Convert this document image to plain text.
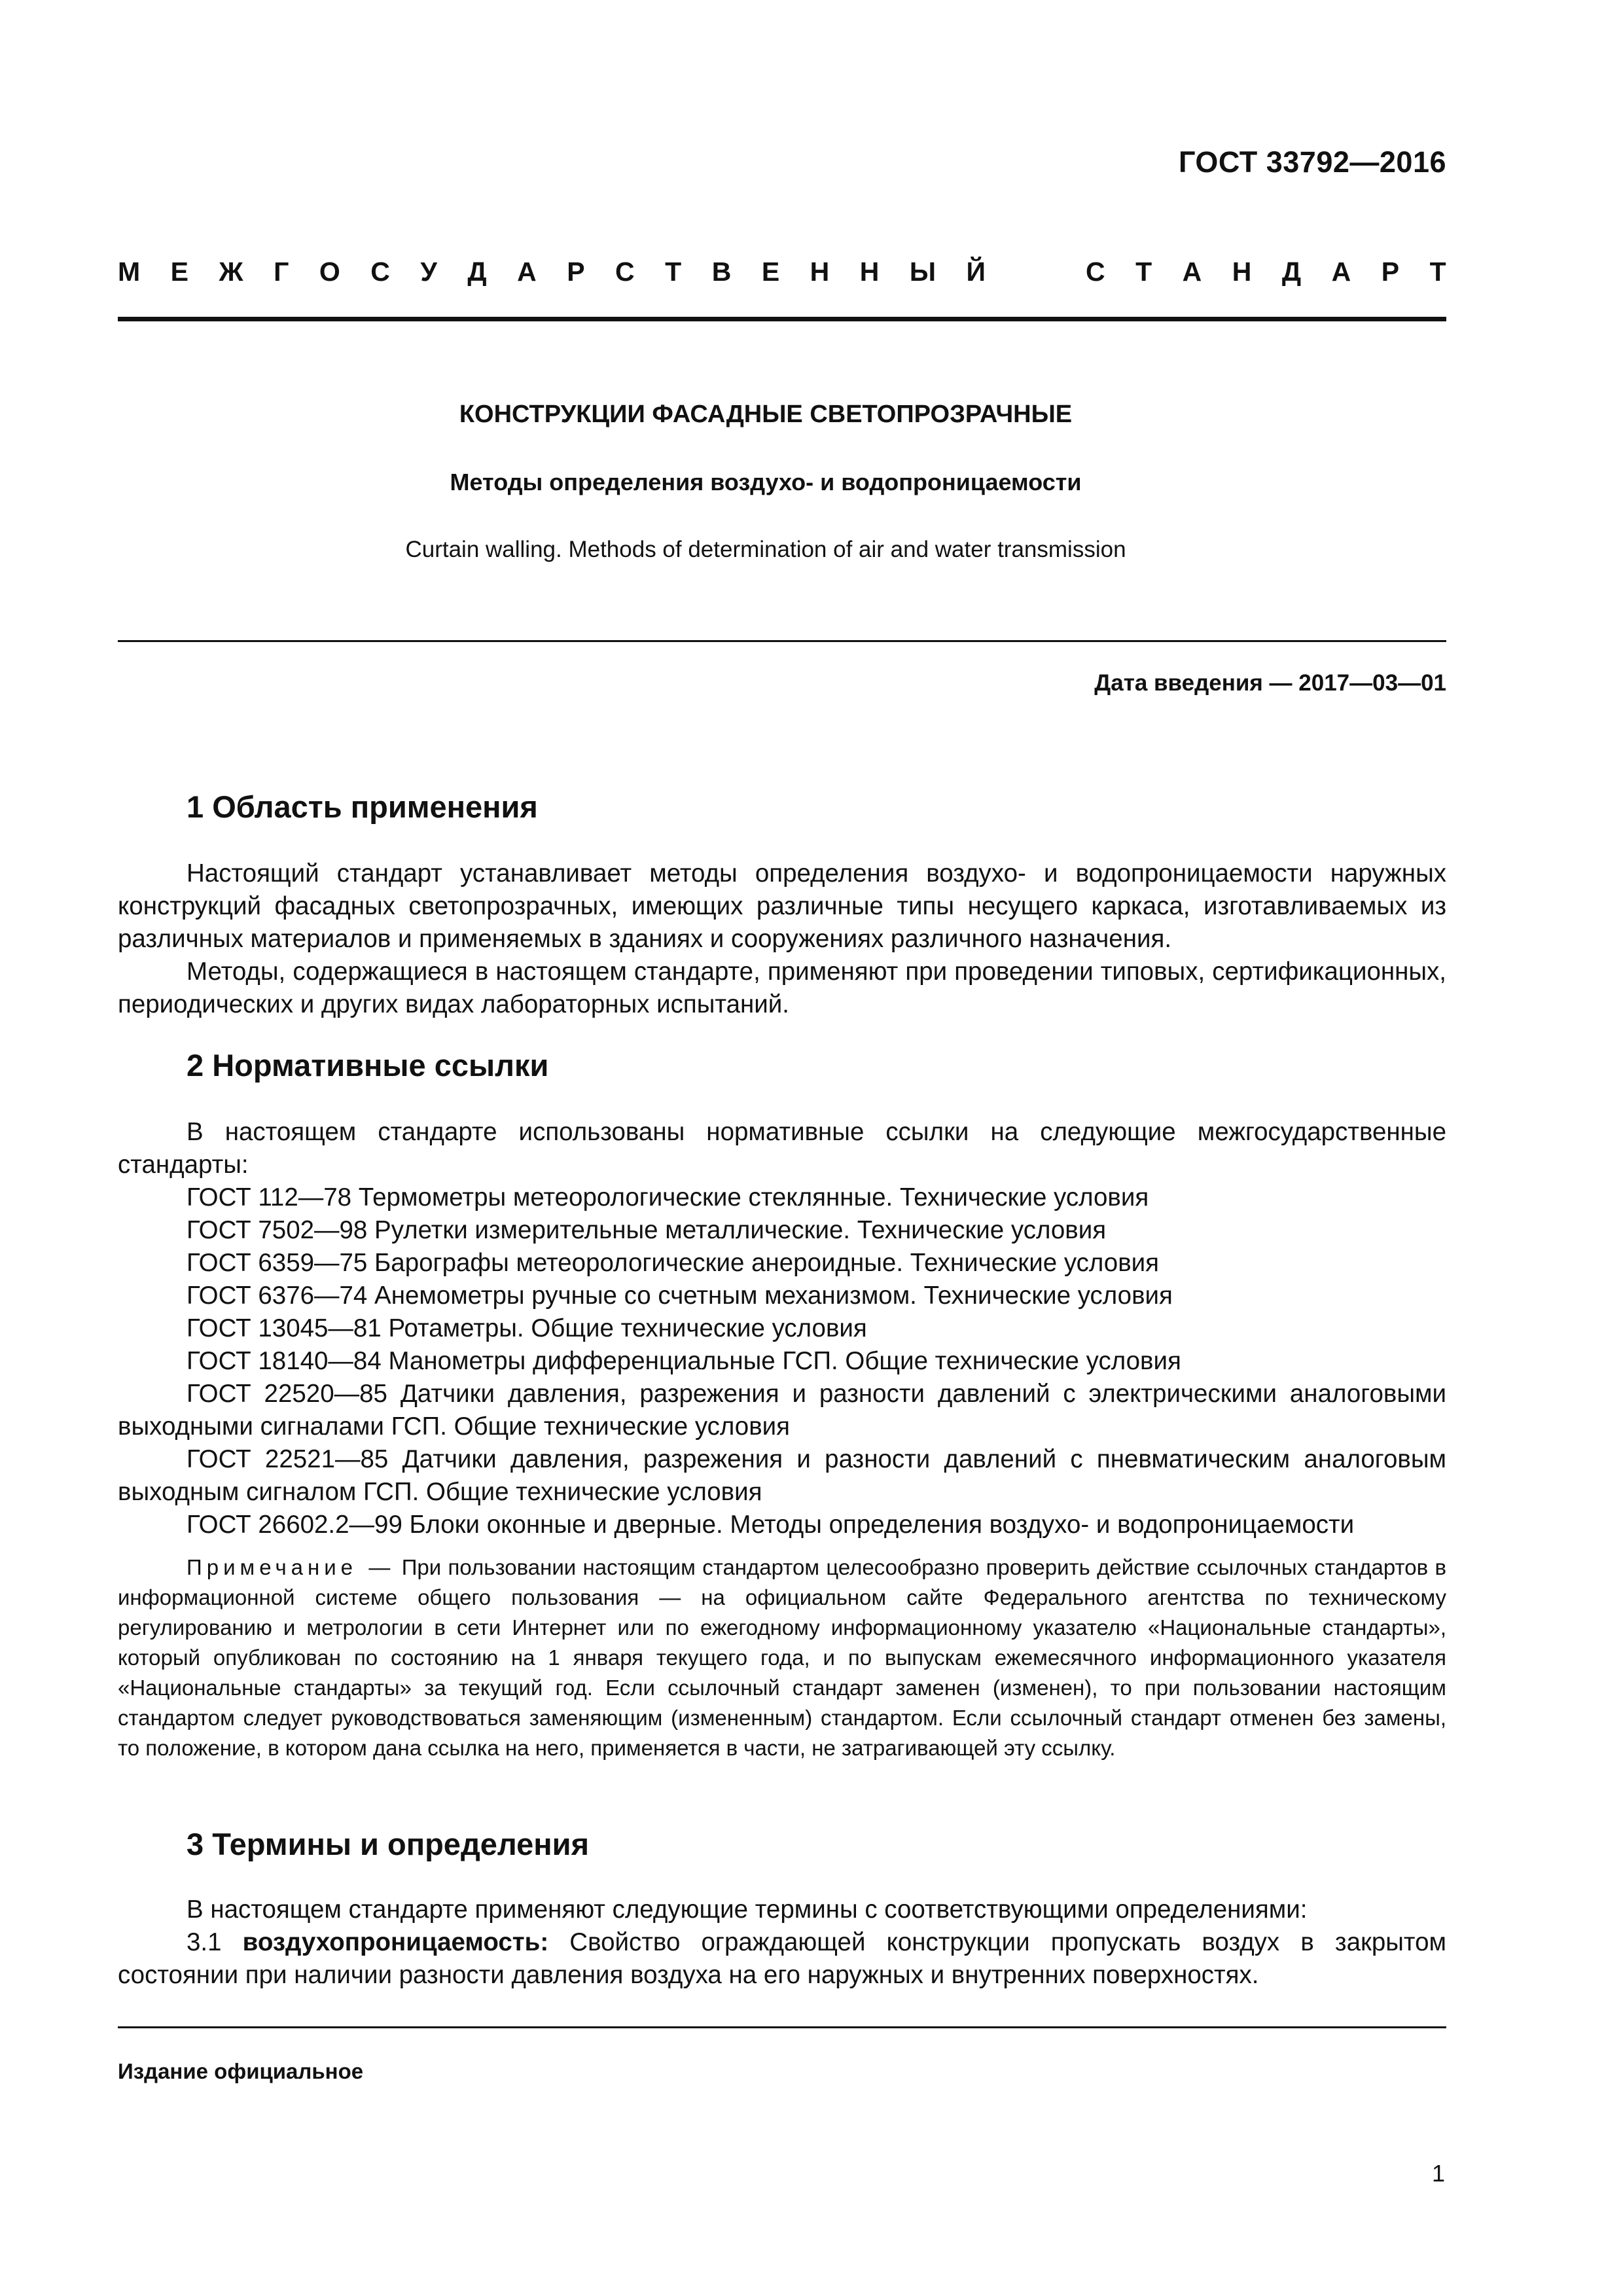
ГОСТ 33792—2016
М Е Ж Г О С У Д А Р С Т В Е Н Н Ы Й	С Т А Н Д А Р Т
КОНСТРУКЦИИ ФАСАДНЫЕ СВЕТОПРОЗРАЧНЫЕ
Методы определения воздухо- и водопроницаемости
Curtain walling. Methods of determination of air and water transmission
Дата введения — 2017—03—01
1 Область применения

Настоящий стандарт устанавливает методы определения воздухо- и водопроницаемости наружных конструкций фасадных светопрозрачных, имеющих различные типы несущего каркаса, изготавливаемых из различных материалов и применяемых в зданиях и сооружениях различного назначения.

Методы, содержащиеся в настоящем стандарте, применяют при проведении типовых, сертификационных, периодических и других видах лабораторных испытаний.

2 Нормативные ссылки

В настоящем стандарте использованы нормативные ссылки на следующие межгосударственные стандарты:

ГОСТ 112—78 Термометры метеорологические стеклянные. Технические условия
ГОСТ 7502—98 Рулетки измерительные металлические. Технические условия
ГОСТ 6359—75 Барографы метеорологические анероидные. Технические условия
ГОСТ 6376—74 Анемометры ручные со счетным механизмом. Технические условия
ГОСТ 13045—81 Ротаметры. Общие технические условия
ГОСТ 18140—84 Манометры дифференциальные ГСП. Общие технические условия

ГОСТ 22520—85 Датчики давления, разрежения и разности давлений с электрическими аналоговыми выходными сигналами ГСП. Общие технические условия

ГОСТ 22521—85 Датчики давления, разрежения и разности давлений с пневматическим аналоговым выходным сигналом ГСП. Общие технические условия

ГОСТ 26602.2—99 Блоки оконные и дверные. Методы определения воздухо- и водопроницаемости

Примечание — При пользовании настоящим стандартом целесообразно проверить действие ссылочных стандартов в информационной системе общего пользования — на официальном сайте Федерального агентства по техническому регулированию и метрологии в сети Интернет или по ежегодному информационному указателю «Национальные стандарты», который опубликован по состоянию на 1 января текущего года, и по выпускам ежемесячного информационного указателя «Национальные стандарты» за текущий год. Если ссылочный стандарт заменен (изменен), то при пользовании настоящим стандартом следует руководствоваться заменяющим (измененным) стандартом. Если ссылочный стандарт отменен без замены, то положение, в котором дана ссылка на него, применяется в части, не затрагивающей эту ссылку.

3 Термины и определения

В настоящем стандарте применяют следующие термины с соответствующими определениями:

3.1 воздухопроницаемость: Свойство ограждающей конструкции пропускать воздух в закрытом состоянии при наличии разности давления воздуха на его наружных и внутренних поверхностях.

Издание официальное
1
